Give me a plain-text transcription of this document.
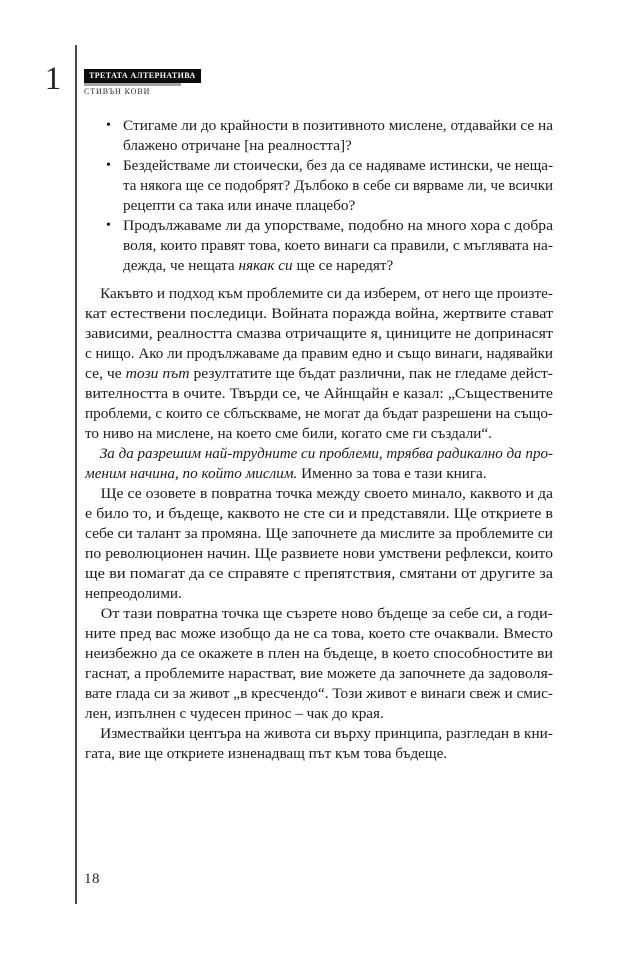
1	ТРЕТАТА АЛТЕРНАТИВА
СТИВЪН КОВИ
• Стигаме ли до крайности в позитивното мислене, отдавайки се на
блажено отричане [на реалността]?
• Бездействаме ли стоически, без да се надяваме истински, че неща-
та някога ще се подобрят? Дълбоко в себе си вярваме ли, че всички
рецепти са така или иначе плацебо?
• Продължаваме ли да упорстваме, подобно на много хора с добра
воля, които правят това, което винаги са правили, с мъглявата на-
дежда, че нещата някак си ще се наредят?
Какъвто и подход към проблемите си да изберем, от него ще произте-
кат естествени последици. Войната поражда война, жертвите стават
зависими, реалността смазва отричащите я, циниците не допринасят
с нищо. Ако ли продължаваме да правим едно и също винаги, надявайки
се, че този път резултатите ще бъдат различни, пак не гледаме дейст-
вителността в очите. Твърди се, че Айнщайн е казал: „Съществените
проблеми, с които се сблъскваме, не могат да бъдат разрешени на също-
то ниво на мислене, на което сме били, когато сме ги създали“.
За да разрешим най-трудните си проблеми, трябва радикално да про-
меним начина, по който мислим. Именно за това е тази книга.
Ще се озовете в повратна точка между своето минало, каквото и да
е било то, и бъдеще, каквото не сте си и представяли. Ще откриете в
себе си талант за промяна. Ще започнете да мислите за проблемите си
по революционен начин. Ще развиете нови умствени рефлекси, които
ще ви помагат да се справяте с препятствия, смятани от другите за
непреодолими.
От тази повратна точка ще съзрете ново бъдеще за себе си, а годи-
ните пред вас може изобщо да не са това, което сте очаквали. Вместо
неизбежно да се окажете в плен на бъдеще, в което способностите ви
гаснат, а проблемите нарастват, вие можете да започнете да задоволя-
вате глада си за живот „в кресчендо“. Този живот е винаги свеж и смис-
лен, изпълнен с чудесен принос – чак до края.
Измествайки центъра на живота си върху принципа, разгледан в кни-
гата, вие ще откриете изненадващ път към това бъдеще.
18
